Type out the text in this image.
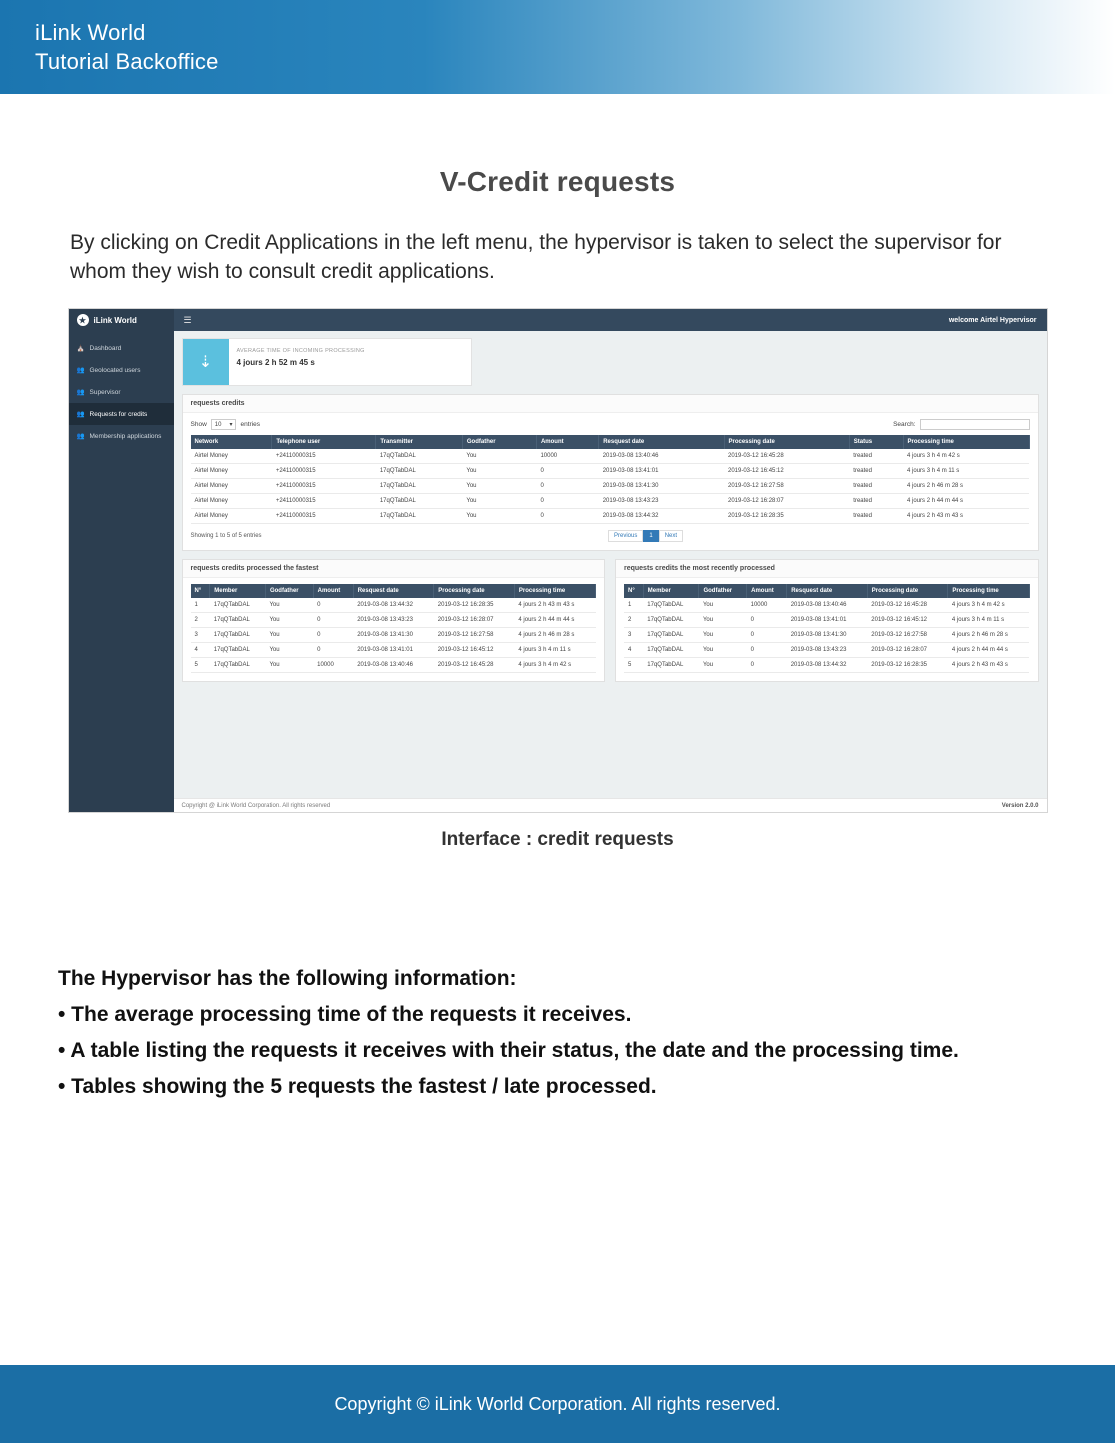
iLink World
Tutorial Backoffice
V-Credit requests
By clicking on Credit Applications in the left menu, the hypervisor is taken to select the supervisor for whom they wish to consult credit applications.
★ iLink World	☰	welcome Airtel Hypervisor
⛪ Dashboard
👥 Geolocated users
👥 Supervisor
👥 Requests for credits
👥 Membership applications
⇣
AVERAGE TIME OF INCOMING PROCESSING
4 jours 2 h 52 m 45 s
requests credits
Show 10 ▾ entries	Search:
Network	Telephone user	Transmitter	Godfather	Amount	Resquest date	Processing date	Status	Processing time
Airtel Money	+24110000315	17qQTabDAL	You	10000	2019-03-08 13:40:46	2019-03-12 16:45:28	treated	4 jours 3 h 4 m 42 s
Airtel Money	+24110000315	17qQTabDAL	You	0	2019-03-08 13:41:01	2019-03-12 16:45:12	treated	4 jours 3 h 4 m 11 s
Airtel Money	+24110000315	17qQTabDAL	You	0	2019-03-08 13:41:30	2019-03-12 16:27:58	treated	4 jours 2 h 46 m 28 s
Airtel Money	+24110000315	17qQTabDAL	You	0	2019-03-08 13:43:23	2019-03-12 16:28:07	treated	4 jours 2 h 44 m 44 s
Airtel Money	+24110000315	17qQTabDAL	You	0	2019-03-08 13:44:32	2019-03-12 16:28:35	treated	4 jours 2 h 43 m 43 s
Showing 1 to 5 of 5 entries	Previous	1	Next
requests credits processed the fastest
N°	Member	Godfather	Amount	Resquest date	Processing date	Processing time
1	17qQTabDAL	You	0	2019-03-08 13:44:32	2019-03-12 16:28:35	4 jours 2 h 43 m 43 s
2	17qQTabDAL	You	0	2019-03-08 13:43:23	2019-03-12 16:28:07	4 jours 2 h 44 m 44 s
3	17qQTabDAL	You	0	2019-03-08 13:41:30	2019-03-12 16:27:58	4 jours 2 h 46 m 28 s
4	17qQTabDAL	You	0	2019-03-08 13:41:01	2019-03-12 16:45:12	4 jours 3 h 4 m 11 s
5	17qQTabDAL	You	10000	2019-03-08 13:40:46	2019-03-12 16:45:28	4 jours 3 h 4 m 42 s
requests credits the most recently processed
N°	Member	Godfather	Amount	Resquest date	Processing date	Processing time
1	17qQTabDAL	You	10000	2019-03-08 13:40:46	2019-03-12 16:45:28	4 jours 3 h 4 m 42 s
2	17qQTabDAL	You	0	2019-03-08 13:41:01	2019-03-12 16:45:12	4 jours 3 h 4 m 11 s
3	17qQTabDAL	You	0	2019-03-08 13:41:30	2019-03-12 16:27:58	4 jours 2 h 46 m 28 s
4	17qQTabDAL	You	0	2019-03-08 13:43:23	2019-03-12 16:28:07	4 jours 2 h 44 m 44 s
5	17qQTabDAL	You	0	2019-03-08 13:44:32	2019-03-12 16:28:35	4 jours 2 h 43 m 43 s
Copyright @ iLink World Corporation. All rights reserved	Version 2.0.0
Interface : credit requests
The Hypervisor has the following information:
• The average processing time of the requests it receives.
• A table listing the requests it receives with their status, the date and the processing time.
• Tables showing the 5 requests the fastest / late processed.
Copyright © iLink World Corporation. All rights reserved.
